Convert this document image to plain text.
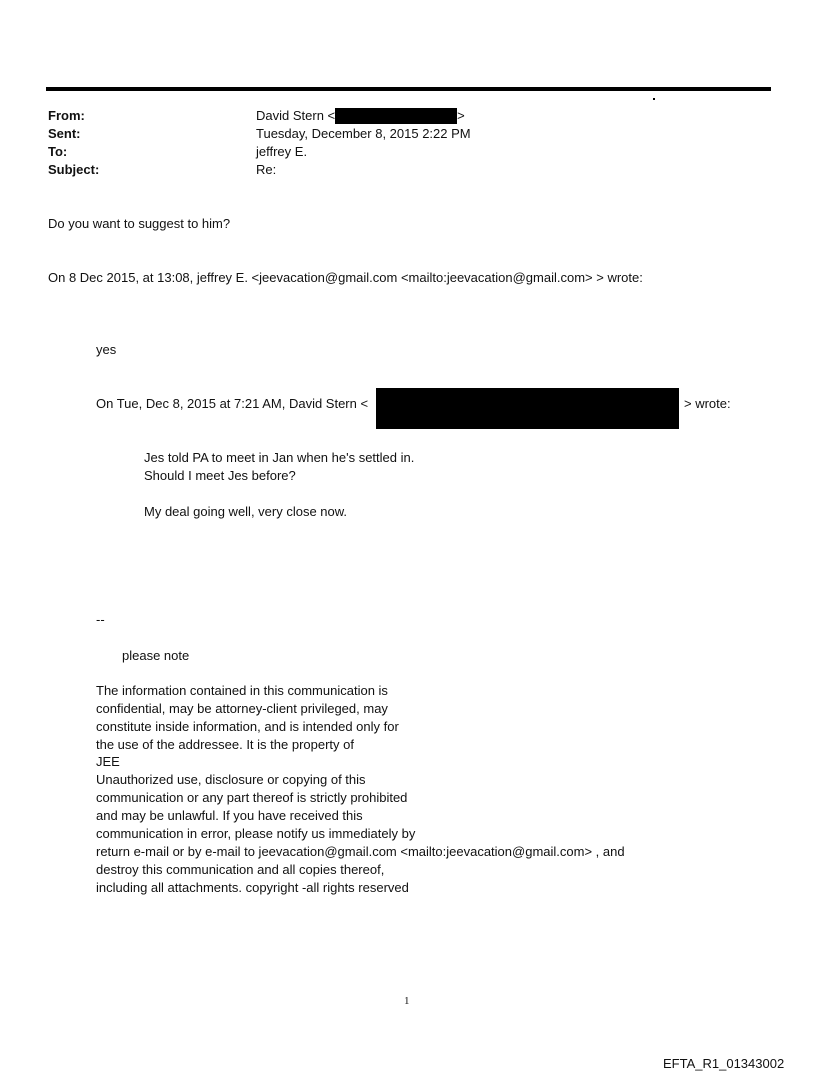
From:	David Stern <	>
Sent:	Tuesday, December 8, 2015 2:22 PM
To:	jeffrey E.
Subject:	Re:
Do you want to suggest to him?
On 8 Dec 2015, at 13:08, jeffrey E. <jeevacation@gmail.com <mailto:jeevacation@gmail.com> > wrote:
yes
On Tue, Dec 8, 2015 at 7:21 AM, David Stern <	> wrote:
Jes told PA to meet in Jan when he's settled in.
Should I meet Jes before?
My deal going well, very close now.
--
please note
The information contained in this communication is
confidential, may be attorney-client privileged, may
constitute inside information, and is intended only for
the use of the addressee. It is the property of
JEE
Unauthorized use, disclosure or copying of this
communication or any part thereof is strictly prohibited
and may be unlawful. If you have received this
communication in error, please notify us immediately by
return e-mail or by e-mail to jeevacation@gmail.com <mailto:jeevacation@gmail.com> , and
destroy this communication and all copies thereof,
including all attachments. copyright -all rights reserved
1
EFTA_R1_01343002
